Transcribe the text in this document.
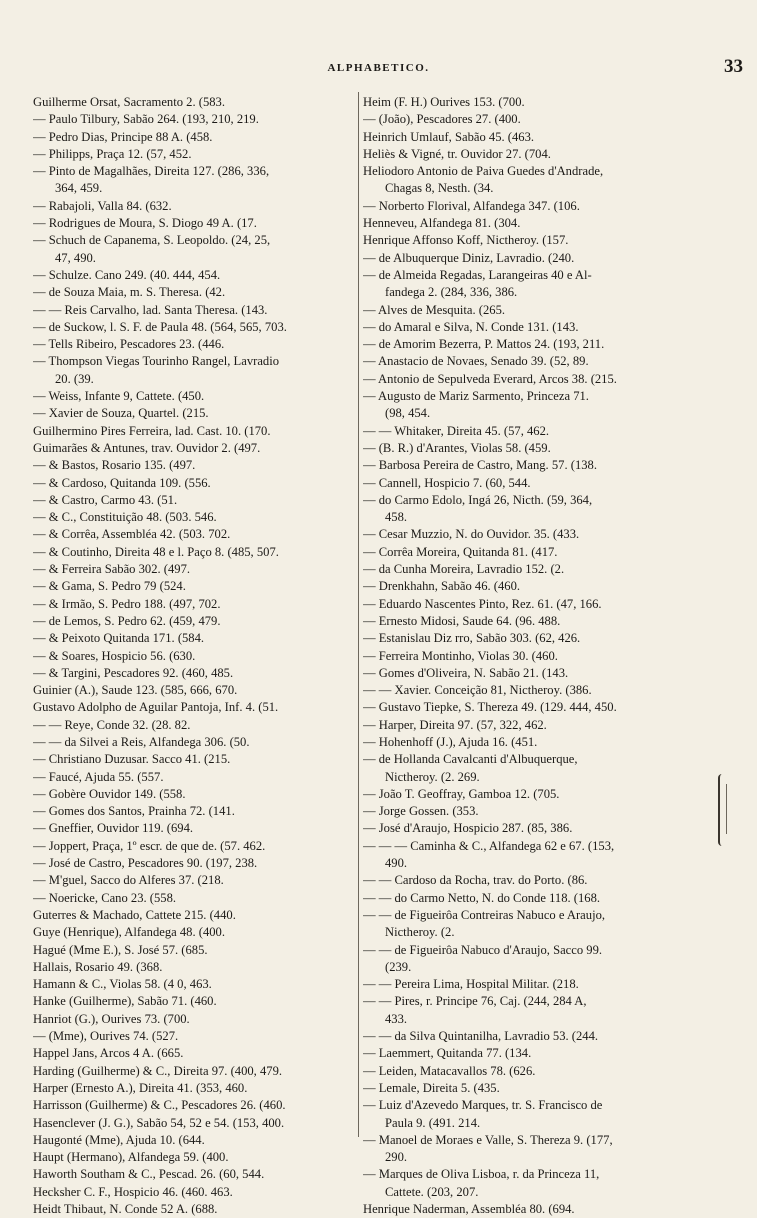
ALPHABETICO.	33
Guilherme Orsat, Sacramento 2. (583.
— Paulo Tilbury, Sabão 264. (193, 210, 219.
— Pedro Dias, Principe 88 A. (458.
— Philipps, Praça 12. (57, 452.
— Pinto de Magalhães, Direita 127. (286, 336,
364, 459.
— Rabajoli, Valla 84. (632.
— Rodrigues de Moura, S. Diogo 49 A. (17.
— Schuch de Capanema, S. Leopoldo. (24, 25,
47, 490.
— Schulze. Cano 249. (40. 444, 454.
— de Souza Maia, m. S. Theresa. (42.
— — Reis Carvalho, lad. Santa Theresa. (143.
— de Suckow, l. S. F. de Paula 48. (564, 565, 703.
— Tells Ribeiro, Pescadores 23. (446.
— Thompson Viegas Tourinho Rangel, Lavradio
20. (39.
— Weiss, Infante 9, Cattete. (450.
— Xavier de Souza, Quartel. (215.
Guilhermino Pires Ferreira, lad. Cast. 10. (170.
Guimarães & Antunes, trav. Ouvidor 2. (497.
— & Bastos, Rosario 135. (497.
— & Cardoso, Quitanda 109. (556.
— & Castro, Carmo 43. (51.
— & C., Constituição 48. (503. 546.
— & Corrêa, Assembléa 42. (503. 702.
— & Coutinho, Direita 48 e l. Paço 8. (485, 507.
— & Ferreira Sabão 302. (497.
— & Gama, S. Pedro 79 (524.
— & Irmão, S. Pedro 188. (497, 702.
— de Lemos, S. Pedro 62. (459, 479.
— & Peixoto Quitanda 171. (584.
— & Soares, Hospicio 56. (630.
— & Targini, Pescadores 92. (460, 485.
Guinier (A.), Saude 123. (585, 666, 670.
Gustavo Adolpho de Aguilar Pantoja, Inf. 4. (51.
— — Reye, Conde 32. (28. 82.
— — da Silvei a Reis, Alfandega 306. (50.
— Christiano Duzusar. Sacco 41. (215.
— Faucé, Ajuda 55. (557.
— Gobère Ouvidor 149. (558.
— Gomes dos Santos, Prainha 72. (141.
— Gneffier, Ouvidor 119. (694.
— Joppert, Praça, 1º escr. de que de. (57. 462.
— José de Castro, Pescadores 90. (197, 238.
— M'guel, Sacco do Alferes 37. (218.
— Noericke, Cano 23. (558.
Guterres & Machado, Cattete 215. (440.
Guye (Henrique), Alfandega 48. (400.
Hagué (Mme E.), S. José 57. (685.
Hallais, Rosario 49. (368.
Hamann & C., Violas 58. (4 0, 463.
Hanke (Guilherme), Sabão 71. (460.
Hanriot (G.), Ourives 73. (700.
— (Mme), Ourives 74. (527.
Happel Jans, Arcos 4 A. (665.
Harding (Guilherme) & C., Direita 97. (400, 479.
Harper (Ernesto A.), Direita 41. (353, 460.
Harrisson (Guilherme) & C., Pescadores 26. (460.
Hasenclever (J. G.), Sabão 54, 52 e 54. (153, 400.
Haugonté (Mme), Ajuda 10. (644.
Haupt (Hermano), Alfandega 59. (400.
Haworth Southam & C., Pescad. 26. (60, 544.
Hecksher C. F., Hospicio 46. (460. 463.
Heidt Thibaut, N. Conde 52 A. (688.
Heim (F. H.) Ourives 153. (700.
— (João), Pescadores 27. (400.
Heinrich Umlauf, Sabão 45. (463.
Heliès & Vigné, tr. Ouvidor 27. (704.
Heliodoro Antonio de Paiva Guedes d'Andrade,
Chagas 8, Nesth. (34.
— Norberto Florival, Alfandega 347. (106.
Henneveu, Alfandega 81. (304.
Henrique Affonso Koff, Nictheroy. (157.
— de Albuquerque Diniz, Lavradio. (240.
— de Almeida Regadas, Larangeiras 40 e Al-
fandega 2. (284, 336, 386.
— Alves de Mesquita. (265.
— do Amaral e Silva, N. Conde 131. (143.
— de Amorim Bezerra, P. Mattos 24. (193, 211.
— Anastacio de Novaes, Senado 39. (52, 89.
— Antonio de Sepulveda Everard, Arcos 38. (215.
— Augusto de Mariz Sarmento, Princeza 71.
(98, 454.
— — Whitaker, Direita 45. (57, 462.
— (B. R.) d'Arantes, Violas 58. (459.
— Barbosa Pereira de Castro, Mang. 57. (138.
— Cannell, Hospicio 7. (60, 544.
— do Carmo Edolo, Ingá 26, Nicth. (59, 364,
458.
— Cesar Muzzio, N. do Ouvidor. 35. (433.
— Corrêa Moreira, Quitanda 81. (417.
— da Cunha Moreira, Lavradio 152. (2.
— Drenkhahn, Sabão 46. (460.
— Eduardo Nascentes Pinto, Rez. 61. (47, 166.
— Ernesto Midosi, Saude 64. (96. 488.
— Estanislau Diz rro, Sabão 303. (62, 426.
— Ferreira Montinho, Violas 30. (460.
— Gomes d'Oliveira, N. Sabão 21. (143.
— — Xavier. Conceição 81, Nictheroy. (386.
— Gustavo Tiepke, S. Thereza 49. (129. 444, 450.
— Harper, Direita 97. (57, 322, 462.
— Hohenhoff (J.), Ajuda 16. (451.
— de Hollanda Cavalcanti d'Albuquerque,
Nictheroy. (2. 269.
— João T. Geoffray, Gamboa 12. (705.
— Jorge Gossen. (353.
— José d'Araujo, Hospicio 287. (85, 386.
— — — Caminha & C., Alfandega 62 e 67. (153,
490.
— — Cardoso da Rocha, trav. do Porto. (86.
— — do Carmo Netto, N. do Conde 118. (168.
— — de Figueirôa Contreiras Nabuco e Araujo,
Nictheroy. (2.
— — de Figueirôa Nabuco d'Araujo, Sacco 99.
(239.
— — Pereira Lima, Hospital Militar. (218.
— — Pires, r. Principe 76, Caj. (244, 284 A,
433.
— — da Silva Quintanilha, Lavradio 53. (244.
— Laemmert, Quitanda 77. (134.
— Leiden, Matacavallos 78. (626.
— Lemale, Direita 5. (435.
— Luiz d'Azevedo Marques, tr. S. Francisco de
Paula 9. (491. 214.
— Manoel de Moraes e Valle, S. Thereza 9. (177,
290.
— Marques de Oliva Lisboa, r. da Princeza 11,
Cattete. (203, 207.
Henrique Naderman, Assembléa 80. (694.
